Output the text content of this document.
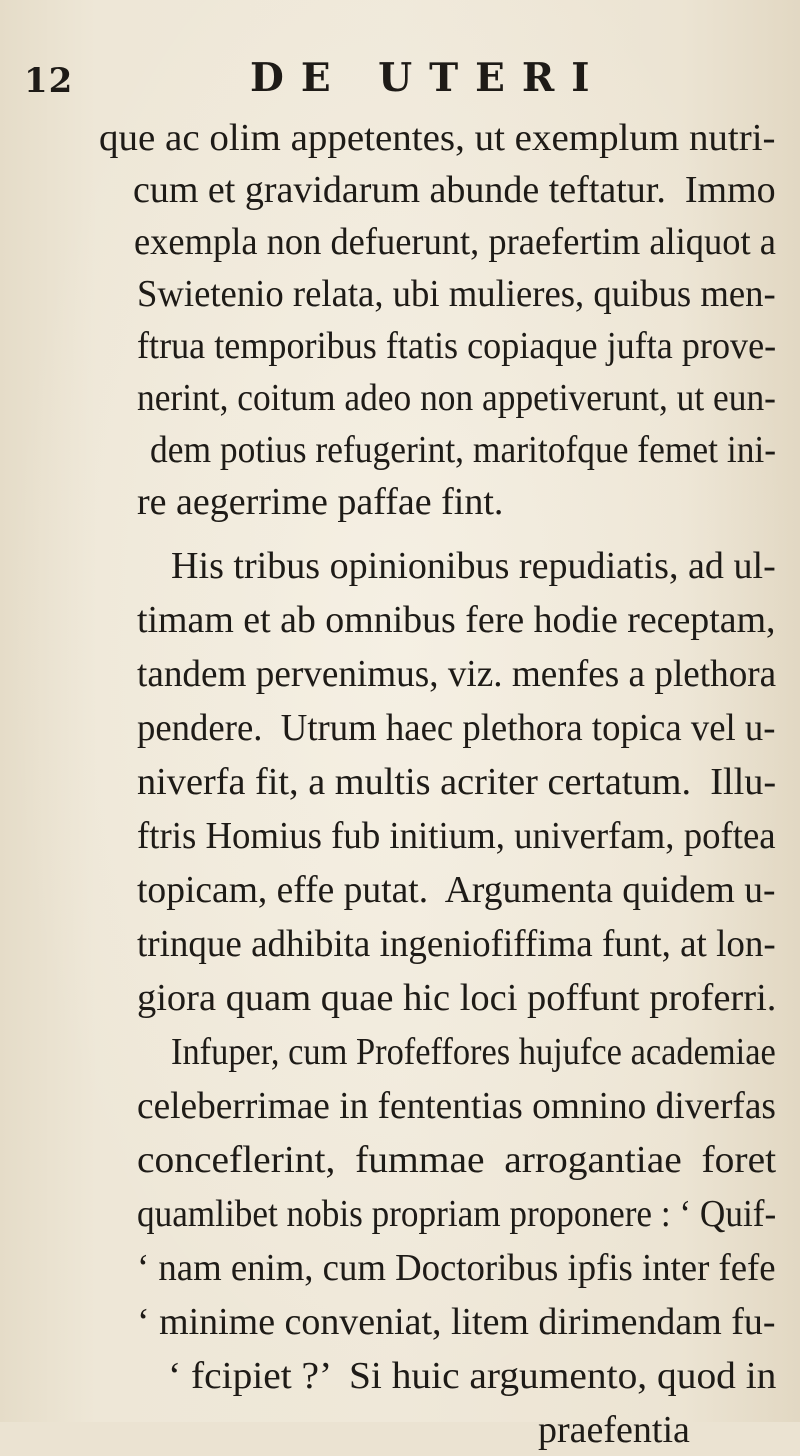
12	DE UTERI
que ac olim appetentes, ut exemplum nutri-
cum et gravidarum abunde teftatur.  Immo
exempla non defuerunt, praefertim aliquot a
Swietenio relata, ubi mulieres, quibus men-
ftrua temporibus ftatis copiaque jufta prove-
nerint, coitum adeo non appetiverunt, ut eun-
dem potius refugerint, maritofque femet ini-
re aegerrime paffae fint.
His tribus opinionibus repudiatis, ad ul-
timam et ab omnibus fere hodie receptam,
tandem pervenimus, viz. menfes a plethora
pendere.  Utrum haec plethora topica vel u-
niverfa fit, a multis acriter certatum.  Illu-
ftris Homius fub initium, univerfam, poftea
topicam, effe putat.  Argumenta quidem u-
trinque adhibita ingeniofiffima funt, at lon-
giora quam quae hic loci poffunt proferri.
Infuper, cum Profeffores hujufce academiae
celeberrimae in fententias omnino diverfas
conceflerint,  fummae  arrogantiae  foret
quamlibet nobis propriam proponere : ‘ Quif-
‘ nam enim, cum Doctoribus ipfis inter fefe
‘ minime conveniat, litem dirimendam fu-
‘ fcipiet ?’  Si huic argumento, quod in
praefentia
